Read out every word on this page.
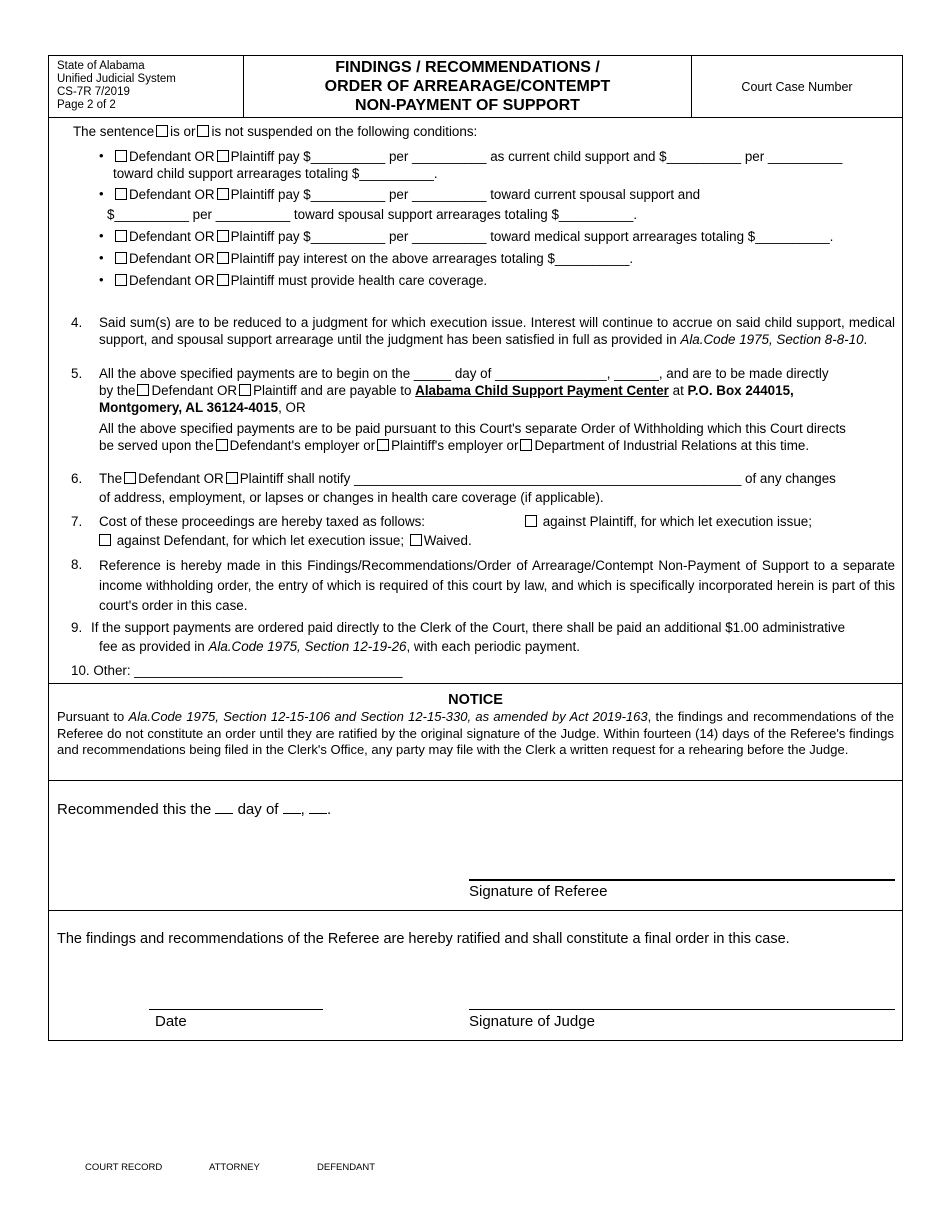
State of Alabama
Unified Judicial System
CS-7R 7/2019
Page 2 of 2
FINDINGS / RECOMMENDATIONS /
ORDER OF ARREARAGE/CONTEMPT
NON-PAYMENT OF SUPPORT
Court Case Number
The sentence is or is not suspended on the following conditions:
•	Defendant OR Plaintiff pay $__________ per __________ as current child support and $__________ per __________
toward child support arrearages totaling $__________.
•	Defendant OR Plaintiff pay $__________ per __________ toward current spousal support and
$__________ per __________ toward spousal support arrearages totaling $__________.
•	Defendant OR Plaintiff pay $__________ per __________ toward medical support arrearages totaling $__________.
•	Defendant OR Plaintiff pay interest on the above arrearages totaling $__________.
•	Defendant OR Plaintiff must provide health care coverage.
4. Said sum(s) are to be reduced to a judgment for which execution issue. Interest will continue to accrue on said child support, medical support, and spousal support arrearage until the judgment has been satisfied in full as provided in Ala.Code 1975, Section 8-8-10.
5. All the above specified payments are to begin on the _____ day of _______________, ______, and are to be made directly
by the Defendant OR Plaintiff and are payable to Alabama Child Support Payment Center at P.O. Box 244015,
Montgomery, AL 36124-4015, OR
All the above specified payments are to be paid pursuant to this Court's separate Order of Withholding which this Court directs
be served upon the Defendant's employer or Plaintiff's employer or Department of Industrial Relations at this time.
6. The Defendant OR Plaintiff shall notify ____________________________________________________ of any changes
of address, employment, or lapses or changes in health care coverage (if applicable).
7. Cost of these proceedings are hereby taxed as follows:	against Plaintiff, for which let execution issue;
against Defendant, for which let execution issue; Waived.
8. Reference is hereby made in this Findings/Recommendations/Order of Arrearage/Contempt Non-Payment of Support to a separate income withholding order, the entry of which is required of this court by law, and which is specifically incorporated herein is part of this court's order in this case.
9. If the support payments are ordered paid directly to the Clerk of the Court, there shall be paid an additional $1.00 administrative
fee as provided in Ala.Code 1975, Section 12-19-26, with each periodic payment.
10. Other: ____________________________________
NOTICE

Pursuant to Ala.Code 1975, Section 12-15-106 and Section 12-15-330, as amended by Act 2019-163, the findings and recommendations of the Referee do not constitute an order until they are ratified by the original signature of the Judge. Within fourteen (14) days of the Referee's findings and recommendations being filed in the Clerk's Office, any party may file with the Clerk a written request for a rehearing before the Judge.

Recommended this the day of , .
Signature of Referee
The findings and recommendations of the Referee are hereby ratified and shall constitute a final order in this case.
Date	Signature of Judge
COURT RECORD	ATTORNEY	DEFENDANT
